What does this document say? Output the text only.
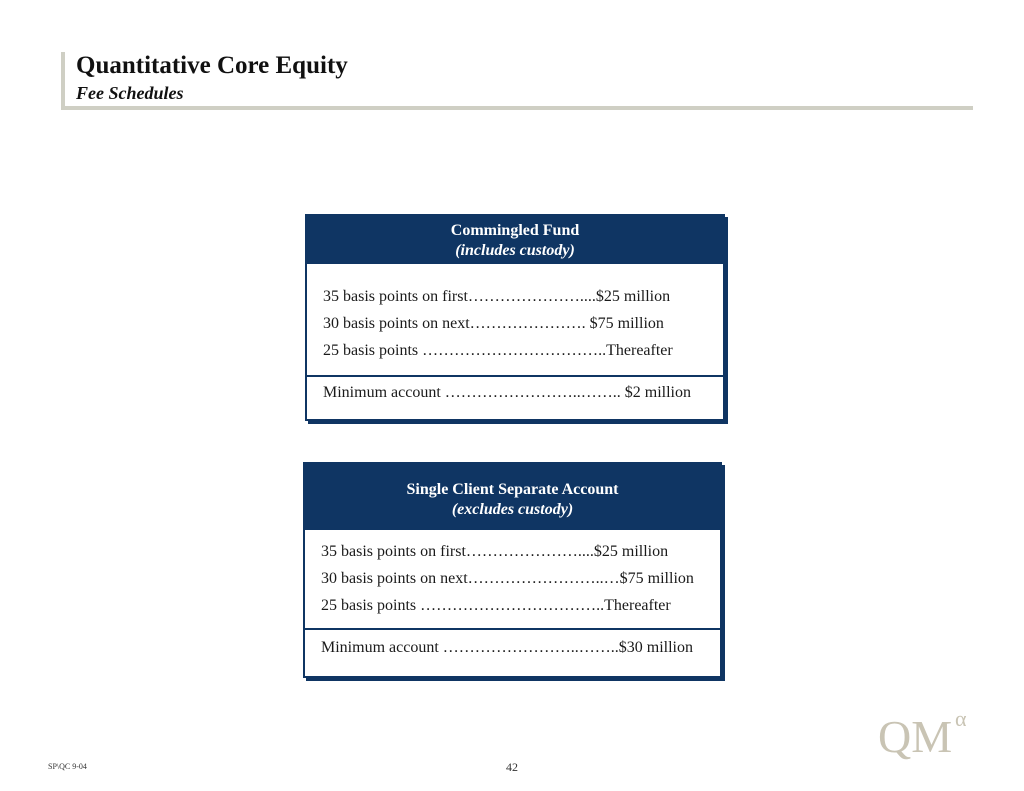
Quantitative Core Equity
Fee Schedules
Commingled Fund
(includes custody)
35 basis points on first…………………....$25 million
30 basis points on next…………………. $75 million
25 basis points ……………………………..Thereafter
Minimum account ……………………..…….. $2 million
Single Client Separate Account
(excludes custody)
35 basis points on first…………………....$25 million
30 basis points on next……………………..…$75 million
25 basis points ……………………………..Thereafter
Minimum account ……………………..……..$30 million
SP\QC 9-04	42
QM α
